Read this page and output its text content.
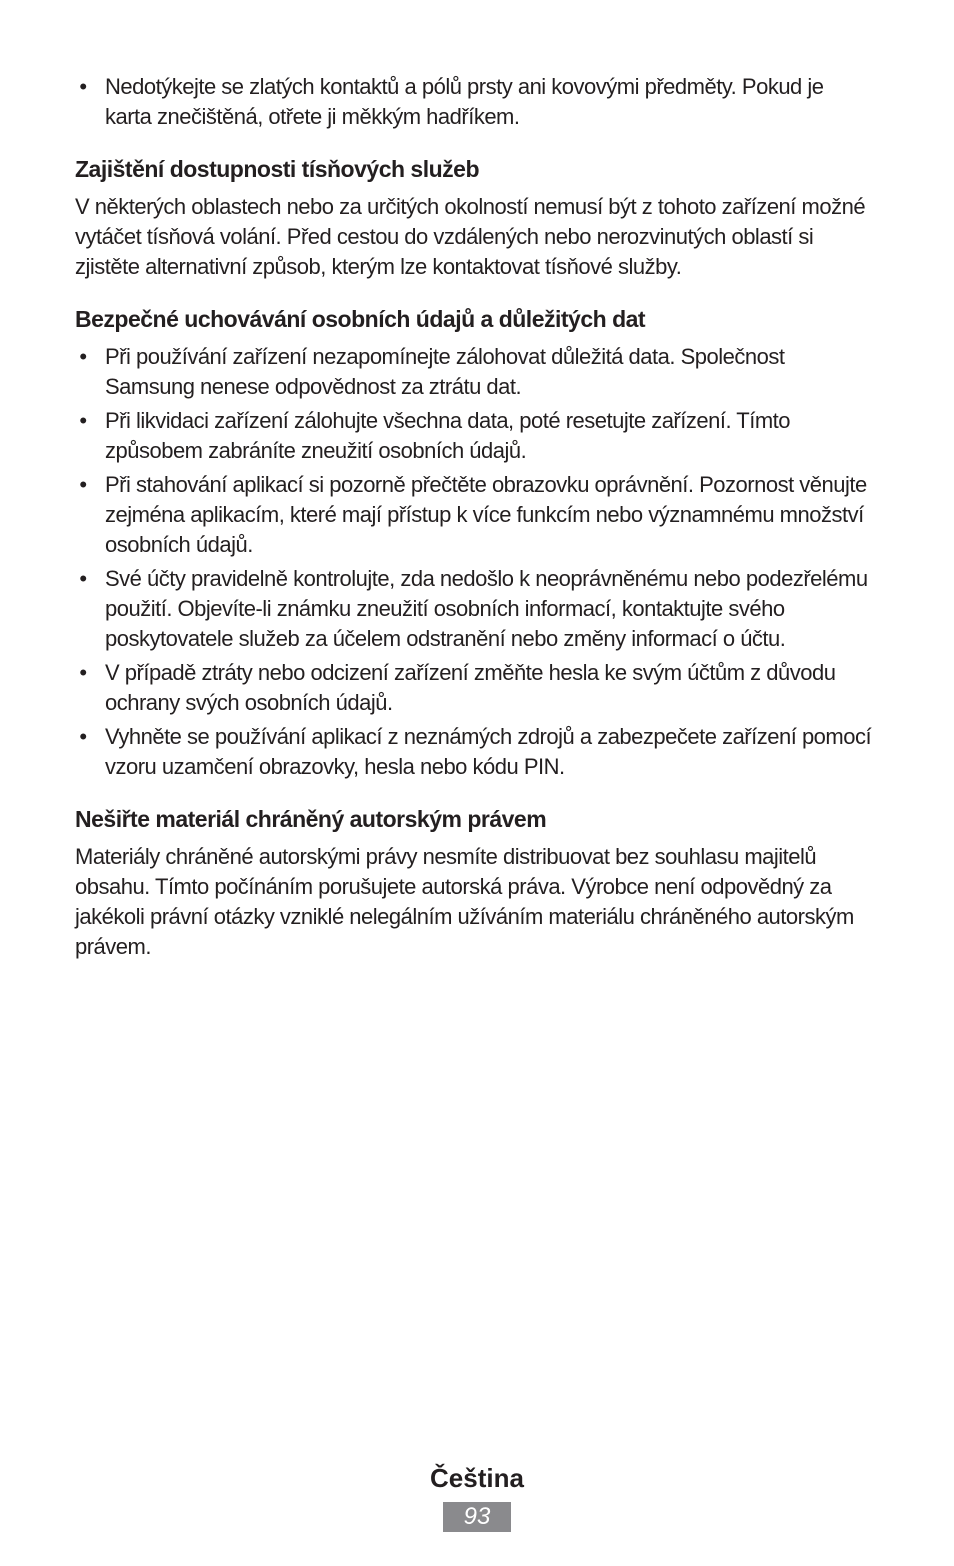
• Nedotýkejte se zlatých kontaktů a pólů prsty ani kovovými předměty. Pokud je karta znečištěná, otřete ji měkkým hadříkem.
Zajištění dostupnosti tísňových služeb

V některých oblastech nebo za určitých okolností nemusí být z tohoto zařízení možné vytáčet tísňová volání. Před cestou do vzdálených nebo nerozvinutých oblastí si zjistěte alternativní způsob, kterým lze kontaktovat tísňové služby.

Bezpečné uchovávání osobních údajů a důležitých dat
• Při používání zařízení nezapomínejte zálohovat důležitá data. Společnost Samsung nenese odpovědnost za ztrátu dat.
• Při likvidaci zařízení zálohujte všechna data, poté resetujte zařízení. Tímto způsobem zabráníte zneužití osobních údajů.
• Při stahování aplikací si pozorně přečtěte obrazovku oprávnění. Pozornost věnujte zejména aplikacím, které mají přístup k více funkcím nebo významnému množství osobních údajů.
• Své účty pravidelně kontrolujte, zda nedošlo k neoprávněnému nebo podezřelému použití. Objevíte-li známku zneužití osobních informací, kontaktujte svého poskytovatele služeb za účelem odstranění nebo změny informací o účtu.
• V případě ztráty nebo odcizení zařízení změňte hesla ke svým účtům z důvodu ochrany svých osobních údajů.
• Vyhněte se používání aplikací z neznámých zdrojů a zabezpečete zařízení pomocí vzoru uzamčení obrazovky, hesla nebo kódu PIN.
Nešiřte materiál chráněný autorským právem

Materiály chráněné autorskými právy nesmíte distribuovat bez souhlasu majitelů obsahu. Tímto počínáním porušujete autorská práva. Výrobce není odpovědný za jakékoli právní otázky vzniklé nelegálním užíváním materiálu chráněného autorským právem.

Čeština
93
